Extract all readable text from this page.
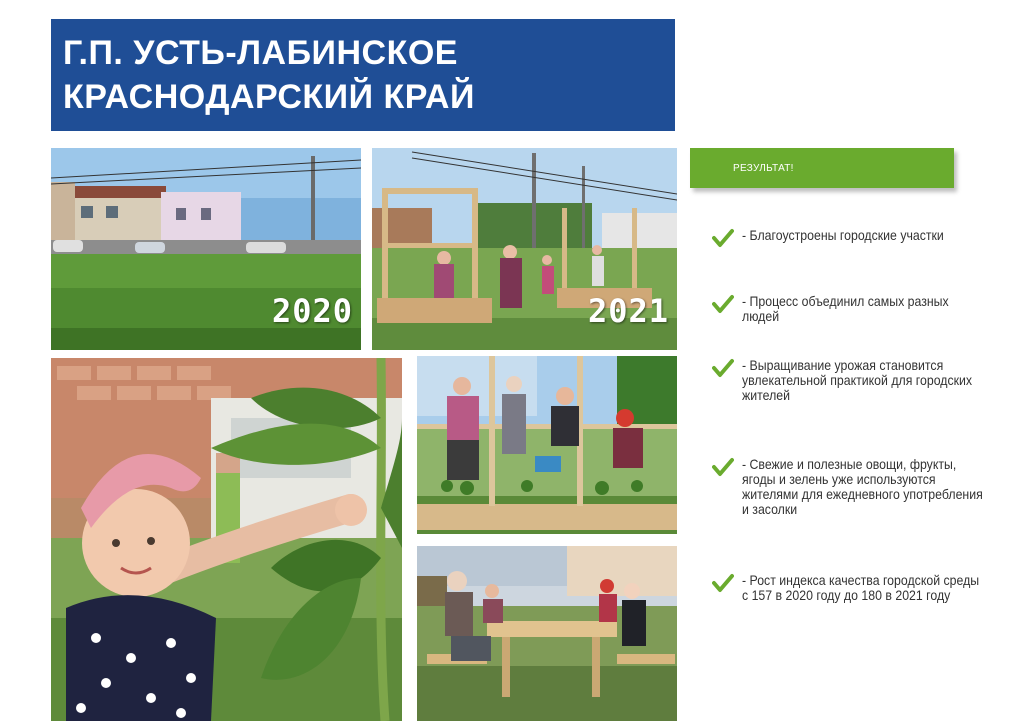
Г.П. УСТЬ-ЛАБИНСКОЕ
КРАСНОДАРСКИЙ КРАЙ
2020	2021
РЕЗУЛЬТАТ!
- Благоустроены городские участки
- Процесс объединил самых разных людей
- Выращивание урожая становится увлекательной практикой для городских жителей
- Свежие и полезные овощи, фрукты, ягоды и зелень уже используются жителями для ежедневного употребления и засолки
- Рост индекса качества городской среды с 157 в 2020 году до 180 в 2021 году
